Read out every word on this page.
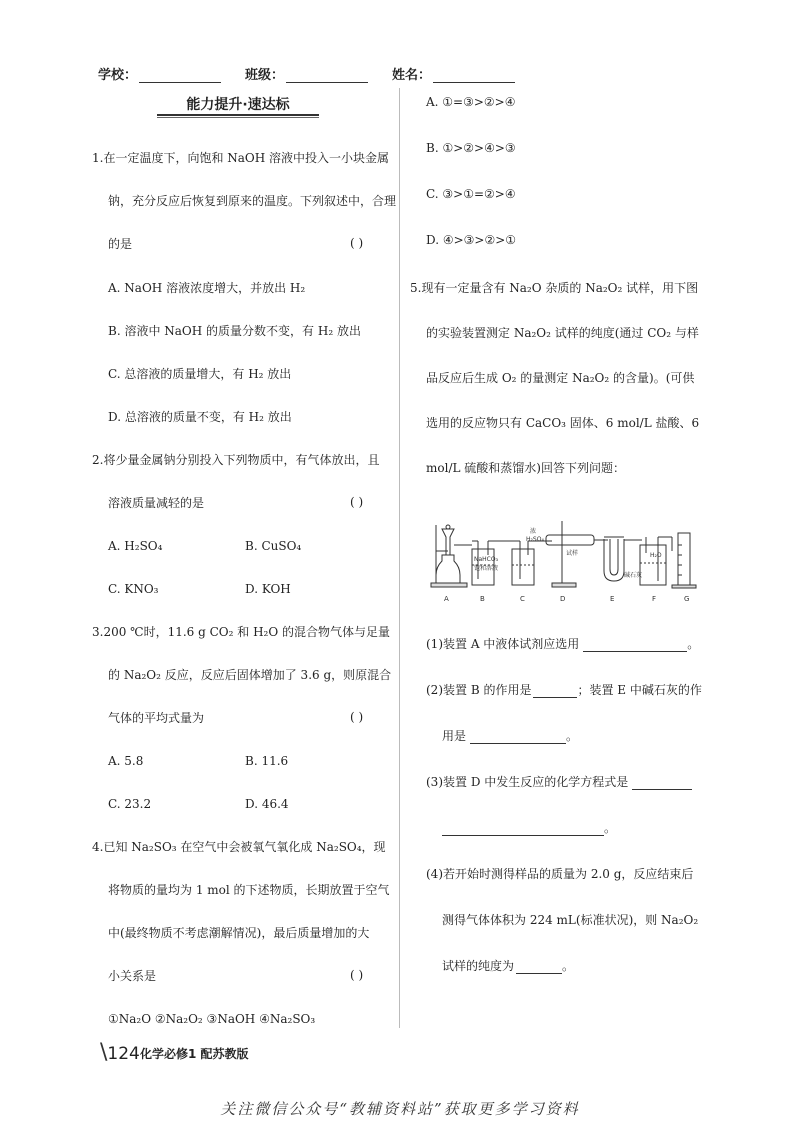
学校：	班级：	姓名：
能力提升·速达标
1.在一定温度下，向饱和 NaOH 溶液中投入一小块金属
钠，充分反应后恢复到原来的温度。下列叙述中，合理
的是	( )
A. NaOH 溶液浓度增大，并放出 H₂
B. 溶液中 NaOH 的质量分数不变，有 H₂ 放出
C. 总溶液的质量增大，有 H₂ 放出
D. 总溶液的质量不变，有 H₂ 放出
2.将少量金属钠分别投入下列物质中，有气体放出，且
溶液质量减轻的是	( )
A. H₂SO₄	B. CuSO₄
C. KNO₃	D. KOH
3.200 ℃时，11.6 g CO₂ 和 H₂O 的混合物气体与足量
的 Na₂O₂ 反应，反应后固体增加了 3.6 g，则原混合
气体的平均式量为	( )
A. 5.8	B. 11.6
C. 23.2	D. 46.4
4.已知 Na₂SO₃ 在空气中会被氧气氧化成 Na₂SO₄，现
将物质的量均为 1 mol 的下述物质，长期放置于空气
中(最终物质不考虑潮解情况)，最后质量增加的大
小关系是	( )
①Na₂O ②Na₂O₂ ③NaOH ④Na₂SO₃
A. ①=③>②>④
B. ①>②>④>③
C. ③>①=②>④
D. ④>③>②>①
5.现有一定量含有 Na₂O 杂质的 Na₂O₂ 试样，用下图
的实验装置测定 Na₂O₂ 试样的纯度(通过 CO₂ 与样
品反应后生成 O₂ 的量测定 Na₂O₂ 的含量)。(可供
选用的反应物只有 CaCO₃ 固体、6 mol/L 盐酸、6
mol/L 硫酸和蒸馏水)回答下列问题：
NaHCO₃
饱和溶液
浓
H₂SO₄
试样
碱石灰
H₂O
A	B	C	D	E	F	G
(1)装置 A 中液体试剂应选用	。
(2)装置 B 的作用是	；装置 E 中碱石灰的作
用是	。
(3)装置 D 中发生反应的化学方程式是
。
(4)若开始时测得样品的质量为 2.0 g，反应结束后
测得气体体积为 224 mL(标准状况)，则 Na₂O₂
试样的纯度为	。
\124 化学必修1 配苏教版
关注微信公众号“教辅资料站”获取更多学习资料
